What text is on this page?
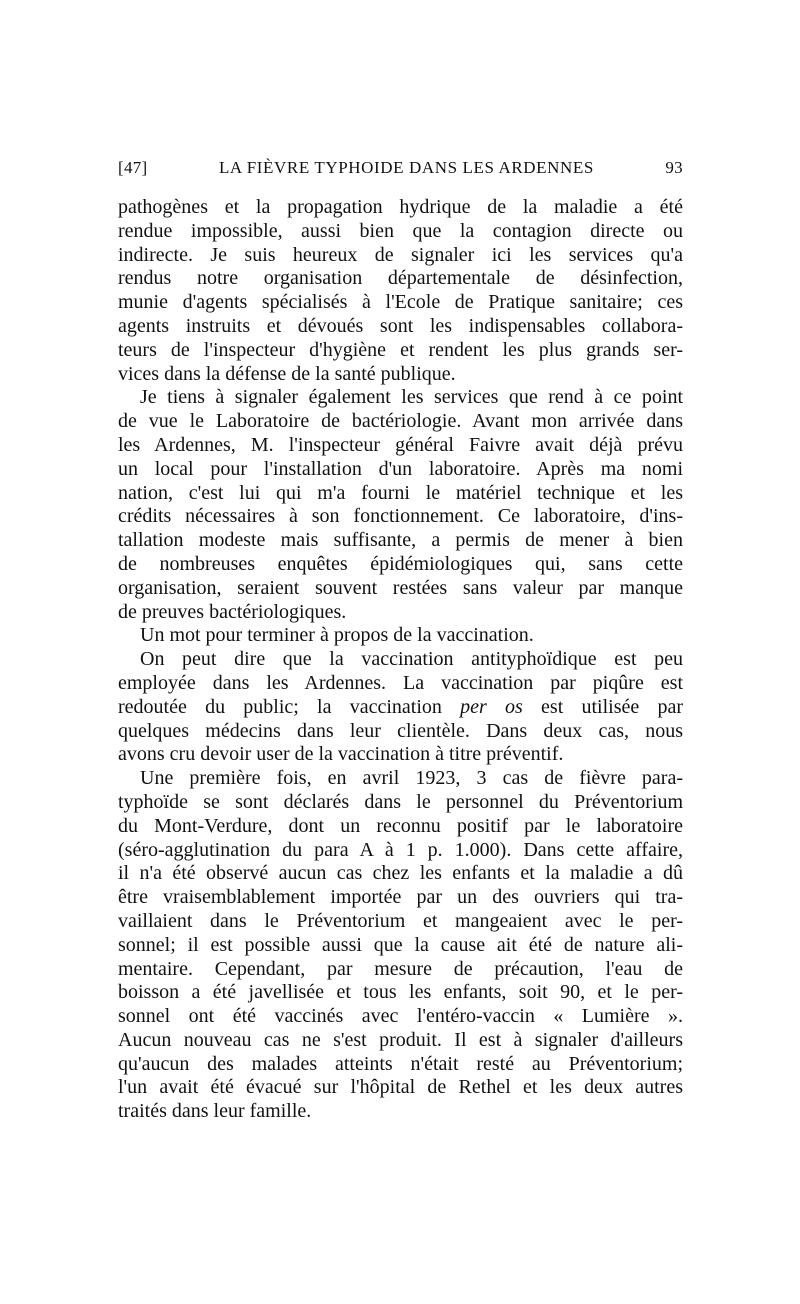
[47]	LA FIÈVRE TYPHOIDE DANS LES ARDENNES	93
pathogènes et la propagation hydrique de la maladie a été
rendue impossible, aussi bien que la contagion directe ou
indirecte. Je suis heureux de signaler ici les services qu'a
rendus notre organisation départementale de désinfection,
munie d'agents spécialisés à l'Ecole de Pratique sanitaire; ces
agents instruits et dévoués sont les indispensables collabora-
teurs de l'inspecteur d'hygiène et rendent les plus grands ser-
vices dans la défense de la santé publique.
Je tiens à signaler également les services que rend à ce point
de vue le Laboratoire de bactériologie. Avant mon arrivée dans
les Ardennes, M. l'inspecteur général Faivre avait déjà prévu
un local pour l'installation d'un laboratoire. Après ma nomi
nation, c'est lui qui m'a fourni le matériel technique et les
crédits nécessaires à son fonctionnement. Ce laboratoire, d'ins-
tallation modeste mais suffisante, a permis de mener à bien
de nombreuses enquêtes épidémiologiques qui, sans cette
organisation, seraient souvent restées sans valeur par manque
de preuves bactériologiques.
Un mot pour terminer à propos de la vaccination.
On peut dire que la vaccination antityphoïdique est peu
employée dans les Ardennes. La vaccination par piqûre est
redoutée du public; la vaccination per os est utilisée par
quelques médecins dans leur clientèle. Dans deux cas, nous
avons cru devoir user de la vaccination à titre préventif.
Une première fois, en avril 1923, 3 cas de fièvre para-
typhoïde se sont déclarés dans le personnel du Préventorium
du Mont-Verdure, dont un reconnu positif par le laboratoire
(séro-agglutination du para A à 1 p. 1.000). Dans cette affaire,
il n'a été observé aucun cas chez les enfants et la maladie a dû
être vraisemblablement importée par un des ouvriers qui tra-
vaillaient dans le Préventorium et mangeaient avec le per-
sonnel; il est possible aussi que la cause ait été de nature ali-
mentaire. Cependant, par mesure de précaution, l'eau de
boisson a été javellisée et tous les enfants, soit 90, et le per-
sonnel ont été vaccinés avec l'entéro-vaccin « Lumière ».
Aucun nouveau cas ne s'est produit. Il est à signaler d'ailleurs
qu'aucun des malades atteints n'était resté au Préventorium;
l'un avait été évacué sur l'hôpital de Rethel et les deux autres
traités dans leur famille.
